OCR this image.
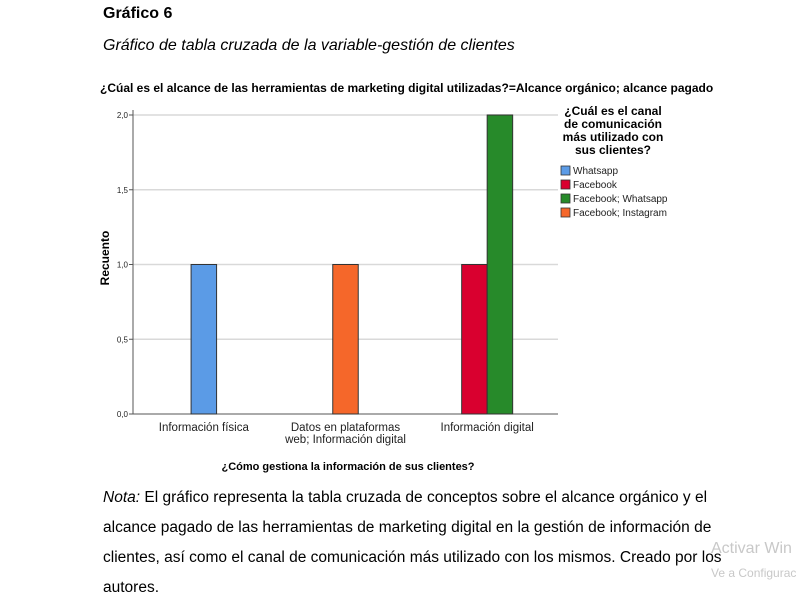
Gráfico 6
Gráfico de tabla cruzada de la variable-gestión de clientes
¿Cúal es el alcance de las herramientas de marketing digital utilizadas?=Alcance orgánico; alcance pagado
0,0
0,5
1,0
1,5
2,0
Recuento
Información física	Datos en plataformas
web; Información digital
Información digital
¿Cómo gestiona la información de sus clientes?
¿Cuál es el canal
de comunicación
más utilizado con
sus clientes?
Whatsapp
Facebook
Facebook; Whatsapp
Facebook; Instagram
Nota: El gráfico representa la tabla cruzada de conceptos sobre el alcance orgánico y el alcance pagado de las herramientas de marketing digital en la gestión de información de clientes, así como el canal de comunicación más utilizado con los mismos. Creado por los autores.
Activar Win
Ve a Configurac
